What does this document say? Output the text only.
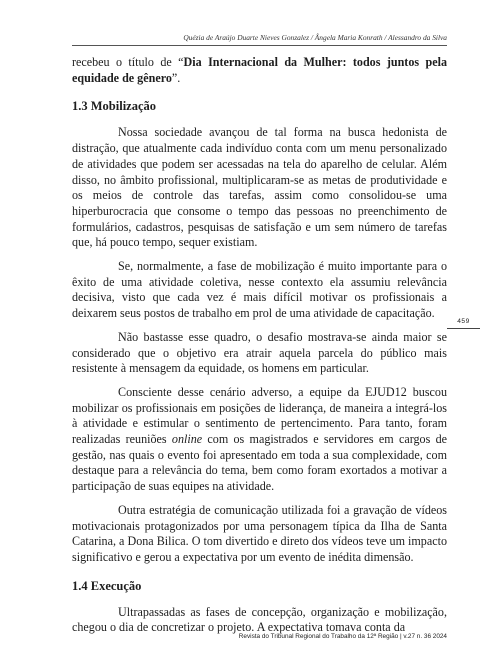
Quézia de Araújo Duarte Nieves Gonzalez / Ângela Maria Konrath / Alessandro da Silva

recebeu o título de “Dia Internacional da Mulher: todos juntos pela equidade de gênero”.

1.3 Mobilização

Nossa sociedade avançou de tal forma na busca hedonista de distração, que atualmente cada indivíduo conta com um menu personalizado de atividades que podem ser acessadas na tela do aparelho de celular. Além disso, no âmbito profissional, multiplicaram-se as metas de produtividade e os meios de controle das tarefas, assim como consolidou-se uma hiperburocracia que consome o tempo das pessoas no preenchimento de formulários, cadastros, pesquisas de satisfação e um sem número de tarefas que, há pouco tempo, sequer existiam.

Se, normalmente, a fase de mobilização é muito importante para o êxito de uma atividade coletiva, nesse contexto ela assumiu relevância decisiva, visto que cada vez é mais difícil motivar os profissionais a deixarem seus postos de trabalho em prol de uma atividade de capacitação.

Não bastasse esse quadro, o desafio mostrava-se ainda maior se considerado que o objetivo era atrair aquela parcela do público mais resistente à mensagem da equidade, os homens em particular.

Consciente desse cenário adverso, a equipe da EJUD12 buscou mobilizar os profissionais em posições de liderança, de maneira a integrá-los à atividade e estimular o sentimento de pertencimento. Para tanto, foram realizadas reuniões online com os magistrados e servidores em cargos de gestão, nas quais o evento foi apresentado em toda a sua complexidade, com destaque para a relevância do tema, bem como foram exortados a motivar a participação de suas equipes na atividade.

Outra estratégia de comunicação utilizada foi a gravação de vídeos motivacionais protagonizados por uma personagem típica da Ilha de Santa Catarina, a Dona Bilica. O tom divertido e direto dos vídeos teve um impacto significativo e gerou a expectativa por um evento de inédita dimensão.

1.4 Execução

Ultrapassadas as fases de concepção, organização e mobilização, chegou o dia de concretizar o projeto. A expectativa tomava conta da

459
Revista do Tribunal Regional do Trabalho da 12ª Região | v.27 n. 36 2024
